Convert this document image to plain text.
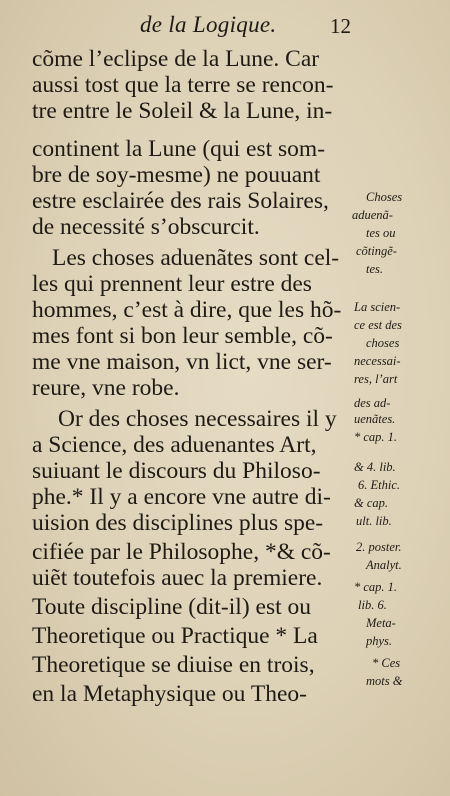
de la Logique.	12
cõme l’eclipse de la Lune. Car
aussi tost que la terre se rencon-
tre entre le Soleil & la Lune, in-
continent la Lune (qui est som-
bre de soy-mesme) ne pouuant
estre esclairée des rais Solaires,
de necessité s’obscurcit.
Les choses aduenãtes sont cel-
les qui prennent leur estre des
hommes, c’est à dire, que les hõ-
mes font si bon leur semble, cõ-
me vne maison, vn lict, vne ser-
reure, vne robe.
Or des choses necessaires il y
a Science, des aduenantes Art,
suiuant le discours du Philoso-
phe.* Il y a encore vne autre di-
uision des disciplines plus spe-
cifiée par le Philosophe, *& cõ-
uiẽt toutefois auec la premiere.
Toute discipline (dit-il) est ou
Theoretique ou Practique * La
Theoretique se diuise en trois,
en la Metaphysique ou Theo-
Choses
aduenã-
tes ou
cõtingẽ-
tes.
La scien-
ce est des
choses
necessai-
res, l’art
des ad-
uenãtes.
* cap. 1.
& 4. lib.
6. Ethic.
& cap.
ult. lib.
2. poster.
Analyt.
* cap. 1.
lib. 6.
Meta-
phys.
* Ces
mots &
